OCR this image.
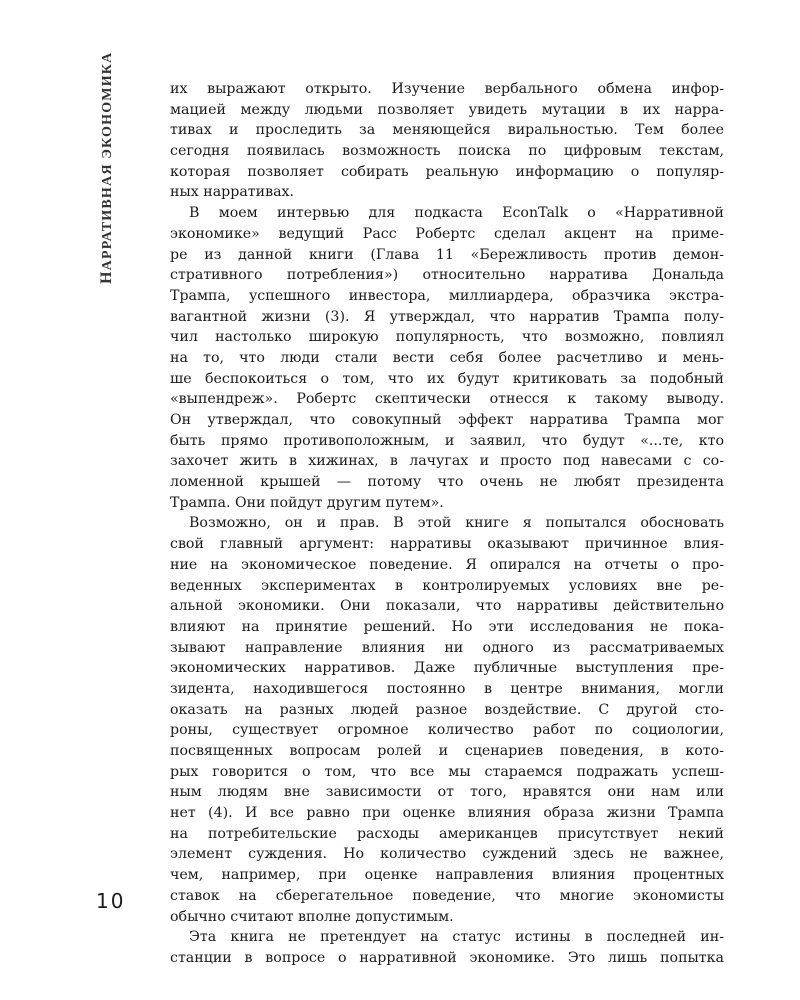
НАРРАТИВНАЯ ЭКОНОМИКА
10
их выражают открыто. Изучение вербального обмена инфор-
мацией между людьми позволяет увидеть мутации в их нарра-
тивах и проследить за меняющейся виральностью. Тем более
сегодня появилась возможность поиска по цифровым текстам,
которая позволяет собирать реальную информацию о популяр-
ных нарративах.
В моем интервью для подкаста EconTalk о «Нарративной
экономике» ведущий Расс Робертс сделал акцент на приме-
ре из данной книги (Глава 11 «Бережливость против демон-
стративного потребления») относительно нарратива Дональда
Трампа, успешного инвестора, миллиардера, образчика экстра-
вагантной жизни (3). Я утверждал, что нарратив Трампа полу-
чил настолько широкую популярность, что возможно, повлиял
на то, что люди стали вести себя более расчетливо и мень-
ше беспокоиться о том, что их будут критиковать за подобный
«выпендреж». Робертс скептически отнесся к такому выводу.
Он утверждал, что совокупный эффект нарратива Трампа мог
быть прямо противоположным, и заявил, что будут «...те, кто
захочет жить в хижинах, в лачугах и просто под навесами с со-
ломенной крышей — потому что очень не любят президента
Трампа. Они пойдут другим путем».
Возможно, он и прав. В этой книге я попытался обосновать
свой главный аргумент: нарративы оказывают причинное влия-
ние на экономическое поведение. Я опирался на отчеты о про-
веденных экспериментах в контролируемых условиях вне ре-
альной экономики. Они показали, что нарративы действительно
влияют на принятие решений. Но эти исследования не пока-
зывают направление влияния ни одного из рассматриваемых
экономических нарративов. Даже публичные выступления пре-
зидента, находившегося постоянно в центре внимания, могли
оказать на разных людей разное воздействие. С другой сто-
роны, существует огромное количество работ по социологии,
посвященных вопросам ролей и сценариев поведения, в кото-
рых говорится о том, что все мы стараемся подражать успеш-
ным людям вне зависимости от того, нравятся они нам или
нет (4). И все равно при оценке влияния образа жизни Трампа
на потребительские расходы американцев присутствует некий
элемент суждения. Но количество суждений здесь не важнее,
чем, например, при оценке направления влияния процентных
ставок на сберегательное поведение, что многие экономисты
обычно считают вполне допустимым.
Эта книга не претендует на статус истины в последней ин-
станции в вопросе о нарративной экономике. Это лишь попытка
